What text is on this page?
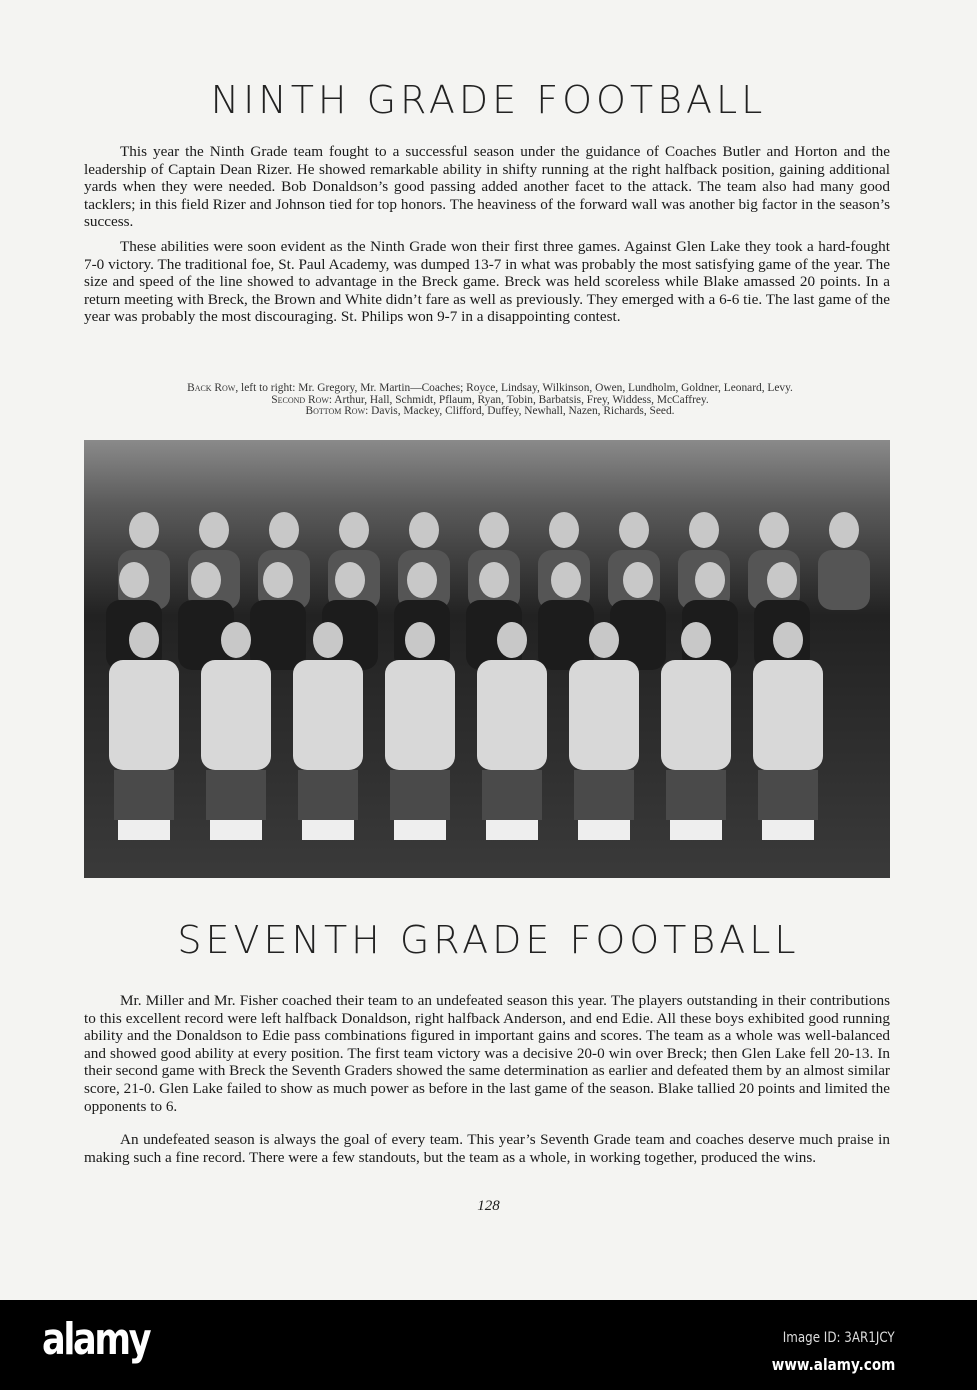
NINTH GRADE FOOTBALL

This year the Ninth Grade team fought to a successful season under the guidance of Coaches Butler and Horton and the leadership of Captain Dean Rizer. He showed remarkable ability in shifty running at the right halfback position, gaining additional yards when they were needed. Bob Donaldson’s good passing added another facet to the attack. The team also had many good tacklers; in this field Rizer and Johnson tied for top honors. The heaviness of the forward wall was another big factor in the season’s success.

These abilities were soon evident as the Ninth Grade won their first three games. Against Glen Lake they took a hard-fought 7-0 victory. The traditional foe, St. Paul Academy, was dumped 13-7 in what was probably the most satisfying game of the year. The size and speed of the line showed to advantage in the Breck game. Breck was held scoreless while Blake amassed 20 points. In a return meeting with Breck, the Brown and White didn’t fare as well as previously. They emerged with a 6-6 tie. The last game of the year was probably the most discouraging. St. Philips won 9-7 in a disappointing contest.

Back Row, left to right: Mr. Gregory, Mr. Martin—Coaches; Royce, Lindsay, Wilkinson, Owen, Lundholm, Goldner, Leonard, Levy.
Second Row: Arthur, Hall, Schmidt, Pflaum, Ryan, Tobin, Barbatsis, Frey, Widdess, McCaffrey.
Bottom Row: Davis, Mackey, Clifford, Duffey, Newhall, Nazen, Richards, Seed.
SEVENTH GRADE FOOTBALL

Mr. Miller and Mr. Fisher coached their team to an undefeated season this year. The players outstanding in their contributions to this excellent record were left halfback Donaldson, right halfback Anderson, and end Edie. All these boys exhibited good running ability and the Donaldson to Edie pass combinations figured in important gains and scores. The team as a whole was well-balanced and showed good ability at every position. The first team victory was a decisive 20-0 win over Breck; then Glen Lake fell 20-13. In their second game with Breck the Seventh Graders showed the same determination as earlier and defeated them by an almost similar score, 21-0. Glen Lake failed to show as much power as before in the last game of the season. Blake tallied 20 points and limited the opponents to 6.

An undefeated season is always the goal of every team. This year’s Seventh Grade team and coaches deserve much praise in making such a fine record. There were a few standouts, but the team as a whole, in working together, produced the wins.

128
alamy	Image ID: 3AR1JCY
www.alamy.com
